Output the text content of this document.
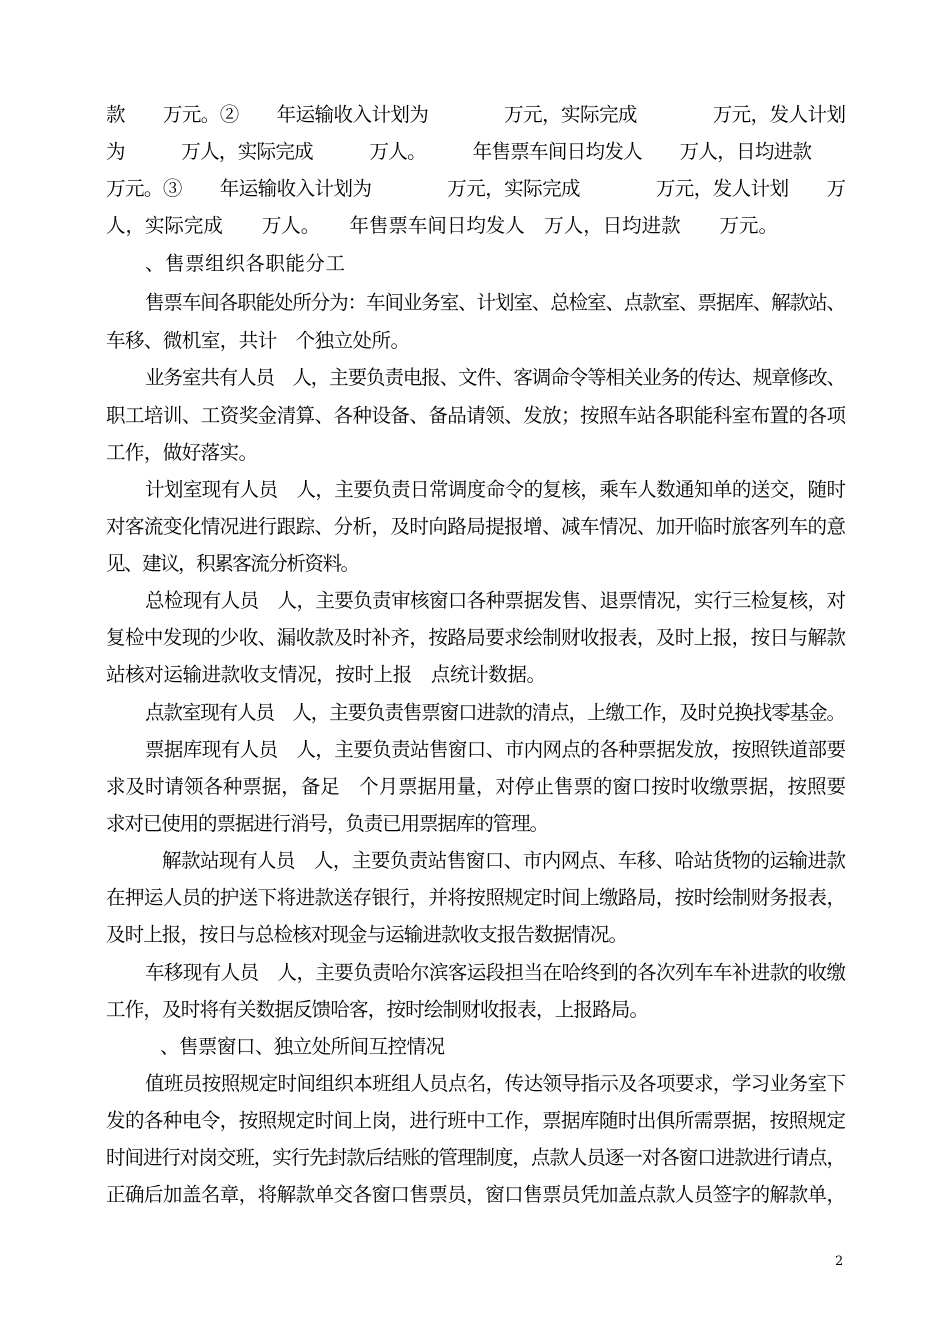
款　　万元。②　　年运输收入计划为　　　　万元，实际完成　　　　万元，发人计划
为　　　万人，实际完成　　　万人。　　　年售票车间日均发人　　万人，日均进款
万元。③　　年运输收入计划为　　　　万元，实际完成　　　　万元，发人计划　　万
人，实际完成　　万人。　　年售票车间日均发人　万人，日均进款　　万元。
、售票组织各职能分工
售票车间各职能处所分为：车间业务室、计划室、总检室、点款室、票据库、解款站、
车移、微机室，共计　个独立处所。
业务室共有人员　人，主要负责电报、文件、客调命令等相关业务的传达、规章修改、
职工培训、工资奖金清算、各种设备、备品请领、发放；按照车站各职能科室布置的各项
工作，做好落实。
计划室现有人员　人，主要负责日常调度命令的复核，乘车人数通知单的送交，随时
对客流变化情况进行跟踪、分析，及时向路局提报增、减车情况、加开临时旅客列车的意
见、建议，积累客流分析资料。
总检现有人员　人，主要负责审核窗口各种票据发售、退票情况，实行三检复核，对
复检中发现的少收、漏收款及时补齐，按路局要求绘制财收报表，及时上报，按日与解款
站核对运输进款收支情况，按时上报　点统计数据。
点款室现有人员　人，主要负责售票窗口进款的清点，上缴工作，及时兑换找零基金。
票据库现有人员　人，主要负责站售窗口、市内网点的各种票据发放，按照铁道部要
求及时请领各种票据，备足　个月票据用量，对停止售票的窗口按时收缴票据，按照要
求对已使用的票据进行消号，负责已用票据库的管理。
解款站现有人员　人，主要负责站售窗口、市内网点、车移、哈站货物的运输进款
在押运人员的护送下将进款送存银行，并将按照规定时间上缴路局，按时绘制财务报表，
及时上报，按日与总检核对现金与运输进款收支报告数据情况。
车移现有人员　人，主要负责哈尔滨客运段担当在哈终到的各次列车车补进款的收缴
工作，及时将有关数据反馈哈客，按时绘制财收报表，上报路局。
、售票窗口、独立处所间互控情况
值班员按照规定时间组织本班组人员点名，传达领导指示及各项要求，学习业务室下
发的各种电令，按照规定时间上岗，进行班中工作，票据库随时出俱所需票据，按照规定
时间进行对岗交班，实行先封款后结账的管理制度，点款人员逐一对各窗口进款进行请点，
正确后加盖名章，将解款单交各窗口售票员，窗口售票员凭加盖点款人员签字的解款单，
2
